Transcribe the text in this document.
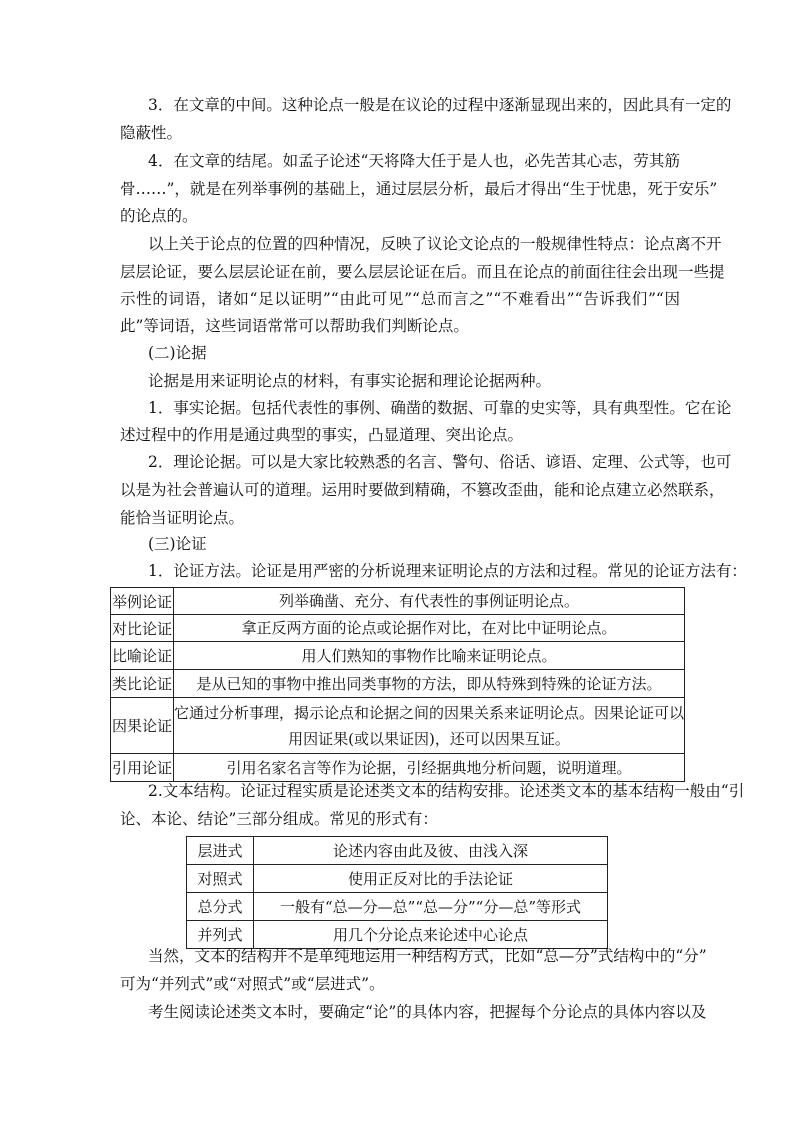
3．在文章的中间。这种论点一般是在议论的过程中逐渐显现出来的，因此具有一定的
隐蔽性。
4．在文章的结尾。如孟子论述“天将降大任于是人也，必先苦其心志，劳其筋
骨……”，就是在列举事例的基础上，通过层层分析，最后才得出“生于忧患，死于安乐”
的论点的。
以上关于论点的位置的四种情况，反映了议论文论点的一般规律性特点：论点离不开
层层论证，要么层层论证在前，要么层层论证在后。而且在论点的前面往往会出现一些提
示性的词语，诸如“足以证明”“由此可见”“总而言之”“不难看出”“告诉我们”“因
此”等词语，这些词语常常可以帮助我们判断论点。
(二)论据
论据是用来证明论点的材料，有事实论据和理论论据两种。
1．事实论据。包括代表性的事例、确凿的数据、可靠的史实等，具有典型性。它在论
述过程中的作用是通过典型的事实，凸显道理、突出论点。
2．理论论据。可以是大家比较熟悉的名言、警句、俗话、谚语、定理、公式等，也可
以是为社会普遍认可的道理。运用时要做到精确，不篡改歪曲，能和论点建立必然联系，
能恰当证明论点。
(三)论证
1．论证方法。论证是用严密的分析说理来证明论点的方法和过程。常见的论证方法有：
举例论证	列举确凿、充分、有代表性的事例证明论点。
对比论证	拿正反两方面的论点或论据作对比，在对比中证明论点。
比喻论证	用人们熟知的事物作比喻来证明论点。
类比论证	是从已知的事物中推出同类事物的方法，即从特殊到特殊的论证方法。
因果论证	它通过分析事理，揭示论点和论据之间的因果关系来证明论点。因果论证可以
用因证果(或以果证因)，还可以因果互证。

引用论证	引用名家名言等作为论据，引经据典地分析问题，说明道理。
2.文本结构。论证过程实质是论述类文本的结构安排。论述类文本的基本结构一般由“引
论、本论、结论”三部分组成。常见的形式有：
层进式	论述内容由此及彼、由浅入深
对照式	使用正反对比的手法论证
总分式	一般有“总—分—总”“总—分”“分—总”等形式
并列式	用几个分论点来论述中心论点
当然，文本的结构并不是单纯地运用一种结构方式，比如“总—分”式结构中的“分”
可为“并列式”或“对照式”或“层进式”。
考生阅读论述类文本时，要确定“论”的具体内容，把握每个分论点的具体内容以及
